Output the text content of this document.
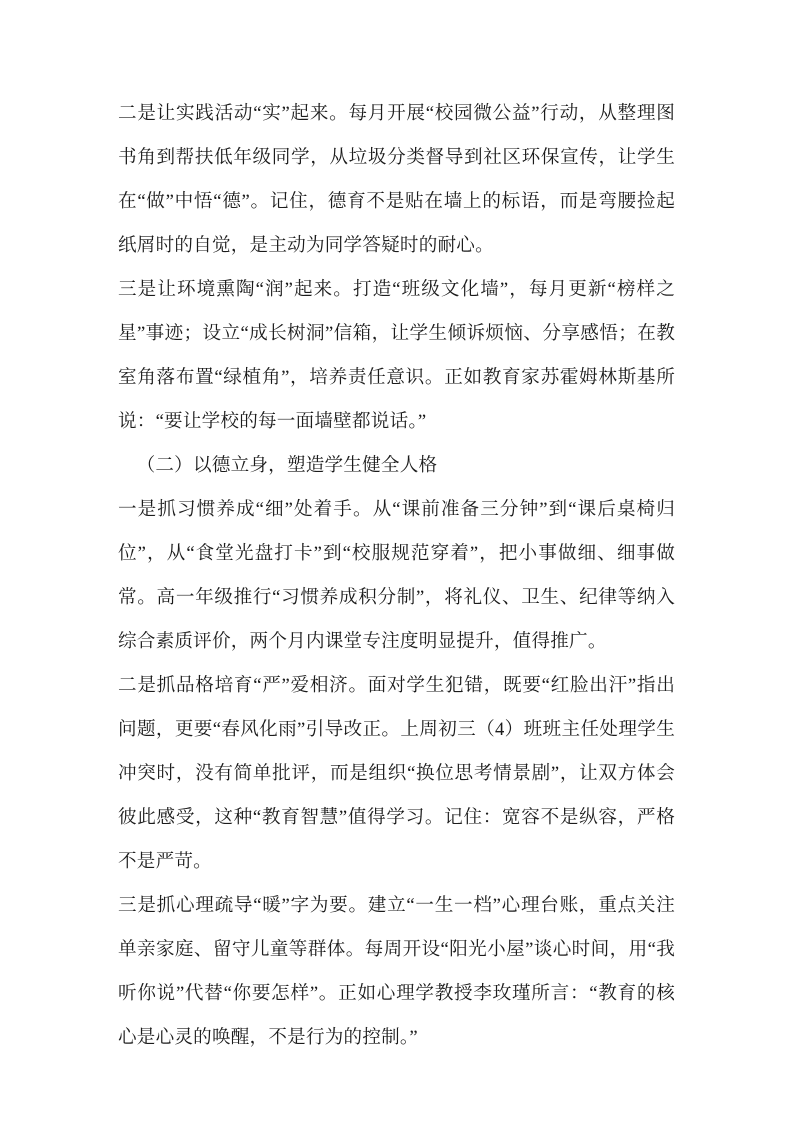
二是让实践活动“实”起来。每月开展“校园微公益”行动，从整理图书角到帮扶低年级同学，从垃圾分类督导到社区环保宣传，让学生在“做”中悟“德”。记住，德育不是贴在墙上的标语，而是弯腰捡起纸屑时的自觉，是主动为同学答疑时的耐心。

三是让环境熏陶“润”起来。打造“班级文化墙”，每月更新“榜样之星”事迹；设立“成长树洞”信箱，让学生倾诉烦恼、分享感悟；在教室角落布置“绿植角”，培养责任意识。正如教育家苏霍姆林斯基所说：“要让学校的每一面墙壁都说话。”

（二）以德立身，塑造学生健全人格

一是抓习惯养成“细”处着手。从“课前准备三分钟”到“课后桌椅归位”，从“食堂光盘打卡”到“校服规范穿着”，把小事做细、细事做常。高一年级推行“习惯养成积分制”，将礼仪、卫生、纪律等纳入综合素质评价，两个月内课堂专注度明显提升，值得推广。

二是抓品格培育“严”爱相济。面对学生犯错，既要“红脸出汗”指出问题，更要“春风化雨”引导改正。上周初三（4）班班主任处理学生冲突时，没有简单批评，而是组织“换位思考情景剧”，让双方体会彼此感受，这种“教育智慧”值得学习。记住：宽容不是纵容，严格不是严苛。

三是抓心理疏导“暖”字为要。建立“一生一档”心理台账，重点关注单亲家庭、留守儿童等群体。每周开设“阳光小屋”谈心时间，用“我听你说”代替“你要怎样”。正如心理学教授李玫瑾所言：“教育的核心是心灵的唤醒，不是行为的控制。”
